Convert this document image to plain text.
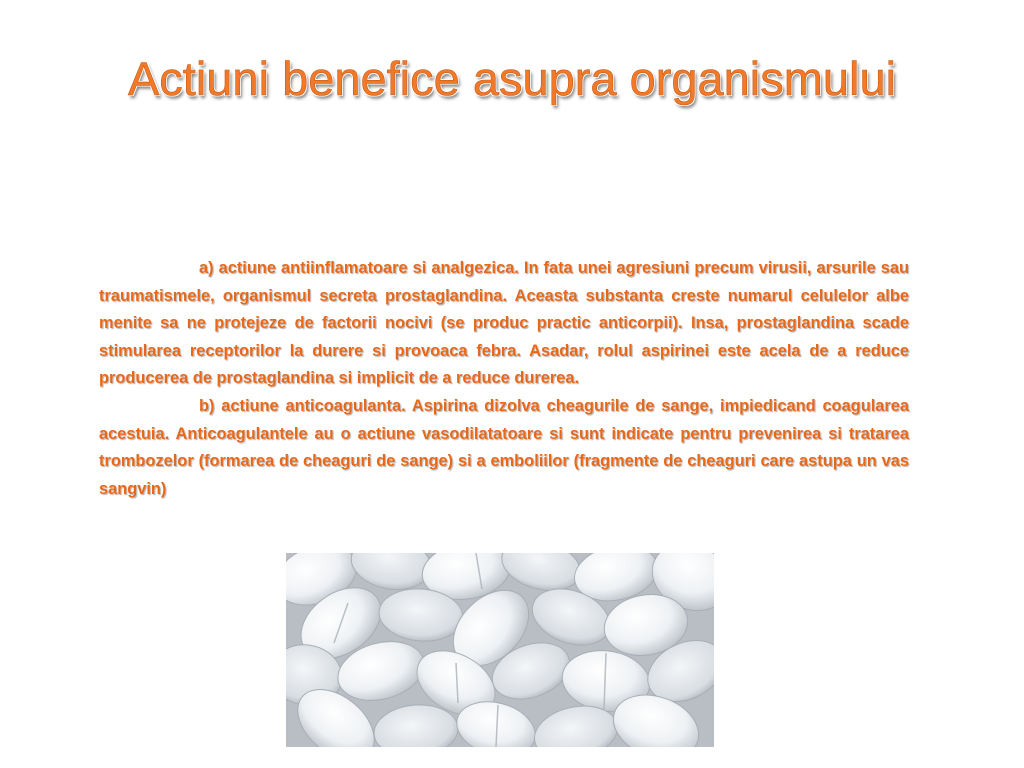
Actiuni benefice asupra organismului

a) actiune antiinflamatoare si analgezica. In fata unei agresiuni precum virusii, arsurile sau traumatismele, organismul secreta prostaglandina. Aceasta substanta creste numarul celulelor albe menite sa ne protejeze de factorii nocivi (se produc practic anticorpii). Insa, prostaglandina scade stimularea receptorilor la durere si provoaca febra. Asadar, rolul aspirinei este acela de a reduce producerea de prostaglandina si implicit de a reduce durerea.

b) actiune anticoagulanta. Aspirina dizolva cheagurile de sange, impiedicand coagularea acestuia. Anticoagulantele au o actiune vasodilatatoare si sunt indicate pentru prevenirea si tratarea trombozelor (formarea de cheaguri de sange) si a emboliilor (fragmente de cheaguri care astupa un vas sangvin)
